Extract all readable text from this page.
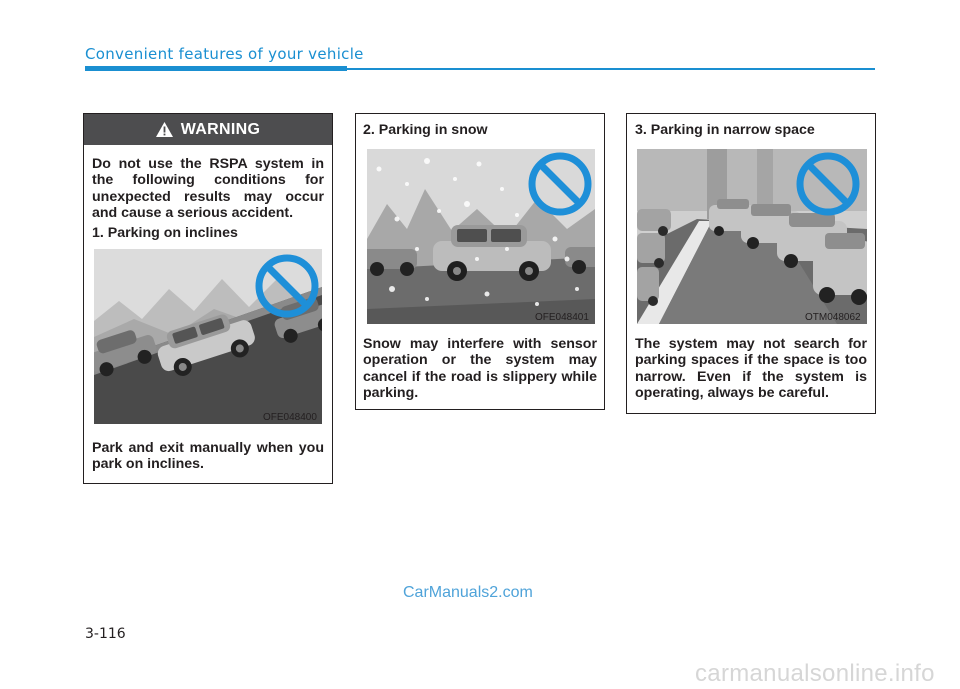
Convenient features of your vehicle
WARNING
Do not use the RSPA system in the following conditions for unexpected results may occur and cause a serious accident.
1. Parking on inclines
OFE048400
Park and exit manually when you park on inclines.
2. Parking in snow
OFE048401
Snow may interfere with sensor operation or the system may cancel if the road is slippery while parking.
3. Parking in narrow space
OTM048062
The system may not search for parking spaces if the space is too narrow. Even if the system is operating, always be careful.
3-116
CarManuals2.com
carmanualsonline.info
